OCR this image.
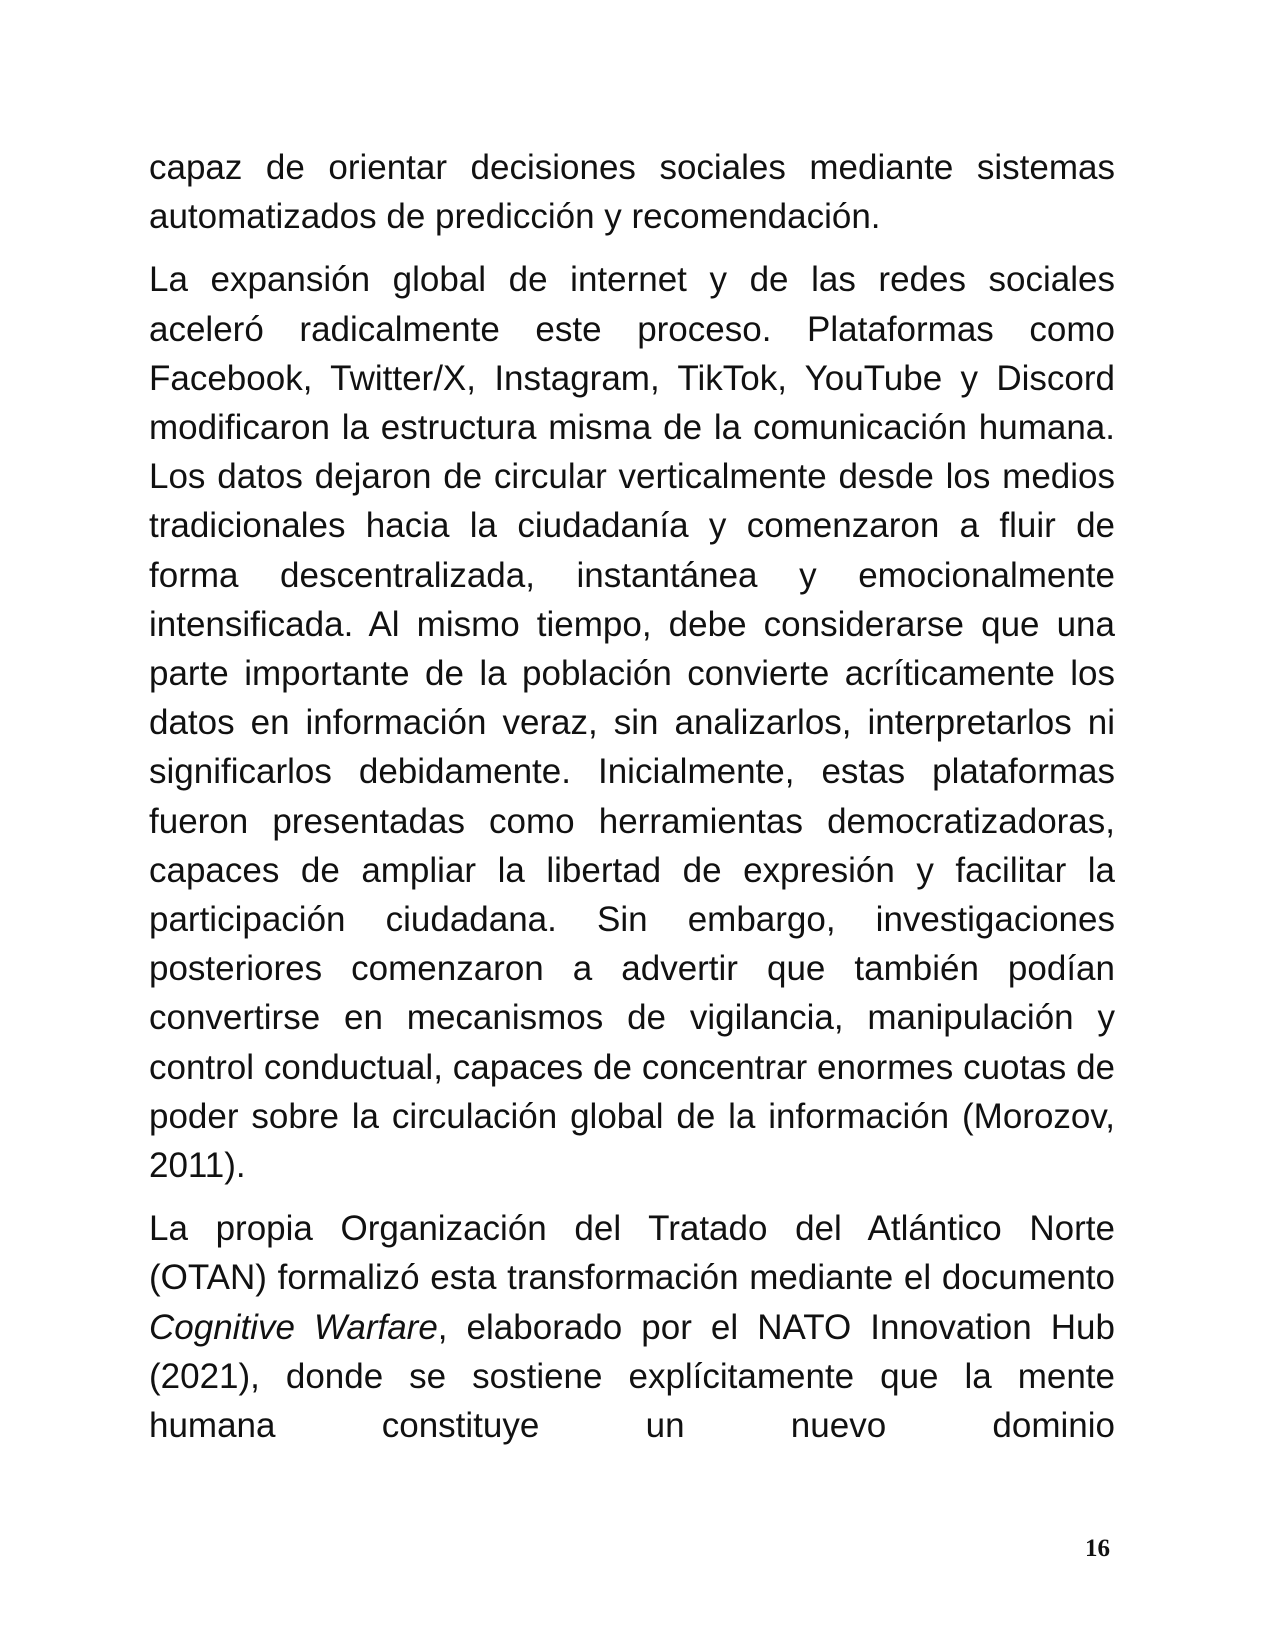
capaz de orientar decisiones sociales mediante sistemas automatizados de predicción y recomendación.

La expansión global de internet y de las redes sociales aceleró radicalmente este proceso. Plataformas como Facebook, Twitter/X, Instagram, TikTok, YouTube y Discord modificaron la estructura misma de la comunicación humana. Los datos dejaron de circular verticalmente desde los medios tradicionales hacia la ciudadanía y comenzaron a fluir de forma descentralizada, instantánea y emocionalmente intensificada. Al mismo tiempo, debe considerarse que una parte importante de la población convierte acríticamente los datos en información veraz, sin analizarlos, interpretarlos ni significarlos debidamente. Inicialmente, estas plataformas fueron presentadas como herramientas democratizadoras, capaces de ampliar la libertad de expresión y facilitar la participación ciudadana. Sin embargo, investigaciones posteriores comenzaron a advertir que también podían convertirse en mecanismos de vigilancia, manipulación y control conductual, capaces de concentrar enormes cuotas de poder sobre la circulación global de la información (Morozov, 2011).

La propia Organización del Tratado del Atlántico Norte (OTAN) formalizó esta transformación mediante el documento Cognitive Warfare, elaborado por el NATO Innovation Hub (2021), donde se sostiene explícitamente que la mente humana constituye un nuevo dominio

16
